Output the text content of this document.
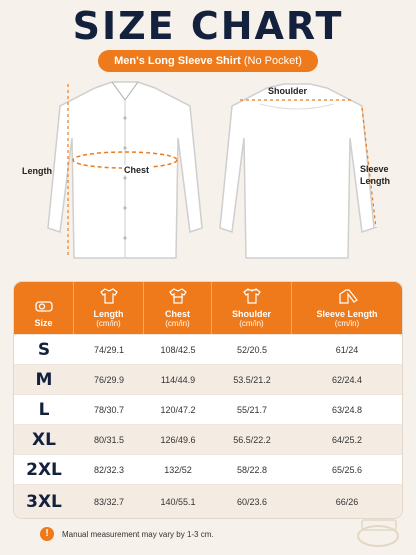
SIZE CHART
Men's Long Sleeve Shirt (No Pocket)
Length	Chest
Shoulder
Sleeve
Length
Size
Length
(cm/in)
Chest
(cm/in)
Shoulder
(cm/in)
Sleeve Length
(cm/in)
S	74/29.1	108/42.5	52/20.5	61/24
M	76/29.9	114/44.9	53.5/21.2	62/24.4
L	78/30.7	120/47.2	55/21.7	63/24.8
XL	80/31.5	126/49.6	56.5/22.2	64/25.2
2XL	82/32.3	132/52	58/22.8	65/25.6
3XL	83/32.7	140/55.1	60/23.6	66/26
!	Manual measurement may vary by 1-3 cm.
